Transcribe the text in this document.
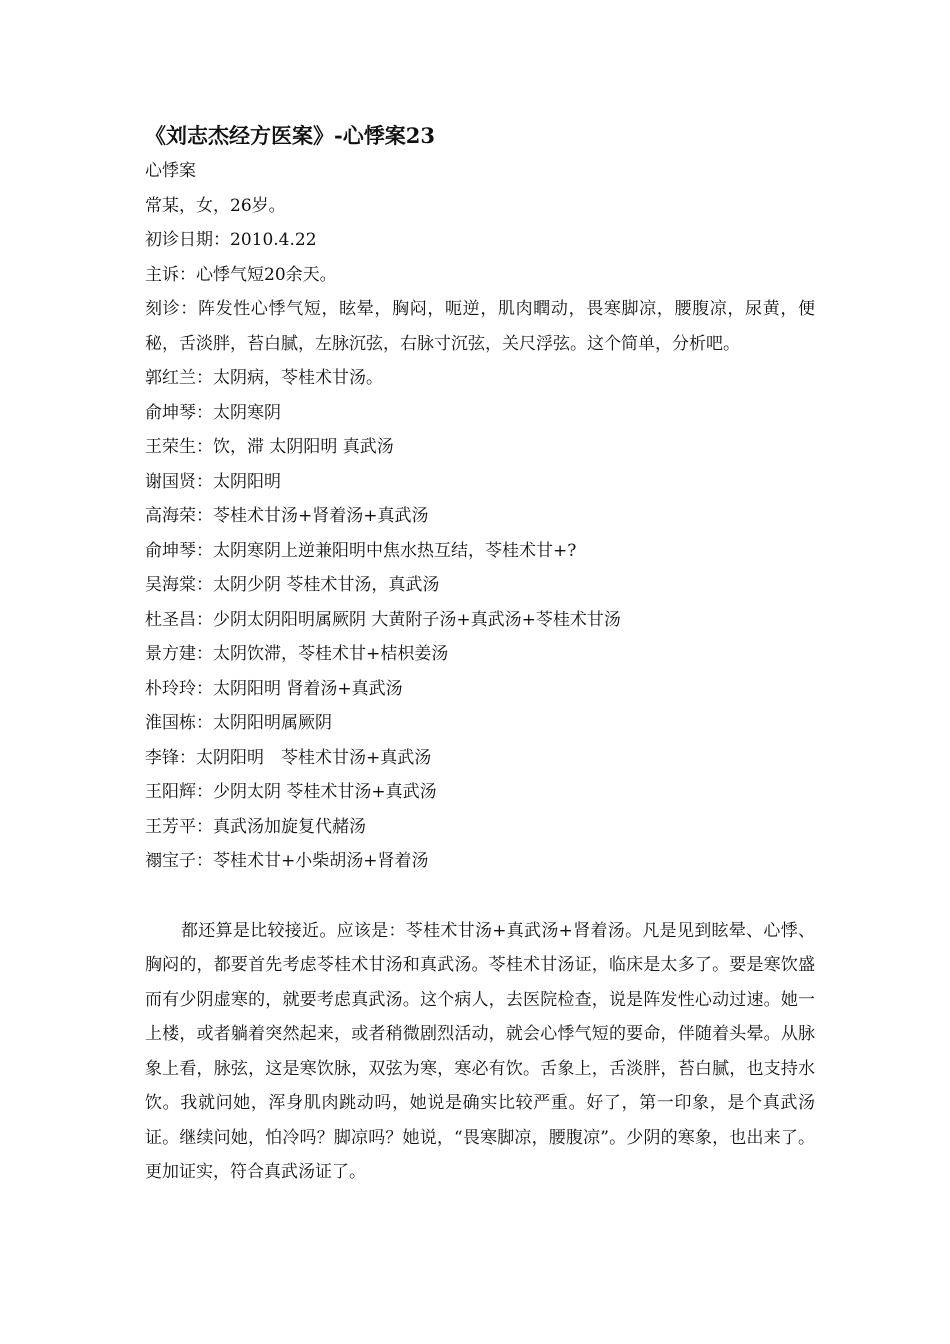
《刘志杰经方医案》-心悸案23

心悸案

常某，女，26岁。

初诊日期：2010.4.22

主诉：心悸气短20余天。

刻诊：阵发性心悸气短，眩晕，胸闷，呃逆，肌肉瞤动，畏寒脚凉，腰腹凉，尿黄，便秘，舌淡胖，苔白腻，左脉沉弦，右脉寸沉弦，关尺浮弦。这个简单，分析吧。

郭红兰：太阴病，苓桂术甘汤。

俞坤琴：太阴寒阴

王荣生：饮，滞 太阴阳明 真武汤

谢国贤：太阴阳明

高海荣：苓桂术甘汤+肾着汤+真武汤

俞坤琴：太阴寒阴上逆兼阳明中焦水热互结，苓桂术甘+?

吴海棠：太阴少阴 苓桂术甘汤，真武汤

杜圣昌：少阴太阴阳明属厥阴 大黄附子汤+真武汤+苓桂术甘汤

景方建：太阴饮滞，苓桂术甘+桔枳姜汤

朴玲玲：太阴阳明 肾着汤+真武汤

淮国栋：太阴阳明属厥阴

李锋：太阴阳明　苓桂术甘汤+真武汤

王阳辉：少阴太阴 苓桂术甘汤+真武汤

王芳平：真武汤加旋复代赭汤

禤宝子：苓桂术甘+小柴胡汤+肾着汤

都还算是比较接近。应该是：苓桂术甘汤+真武汤+肾着汤。凡是见到眩晕、心悸、胸闷的，都要首先考虑苓桂术甘汤和真武汤。苓桂术甘汤证，临床是太多了。要是寒饮盛而有少阴虚寒的，就要考虑真武汤。这个病人，去医院检查，说是阵发性心动过速。她一上楼，或者躺着突然起来，或者稍微剧烈活动，就会心悸气短的要命，伴随着头晕。从脉象上看，脉弦，这是寒饮脉，双弦为寒，寒必有饮。舌象上，舌淡胖，苔白腻，也支持水饮。我就问她，浑身肌肉跳动吗，她说是确实比较严重。好了，第一印象，是个真武汤证。继续问她，怕冷吗？脚凉吗？她说，“畏寒脚凉，腰腹凉”。少阴的寒象，也出来了。更加证实，符合真武汤证了。
